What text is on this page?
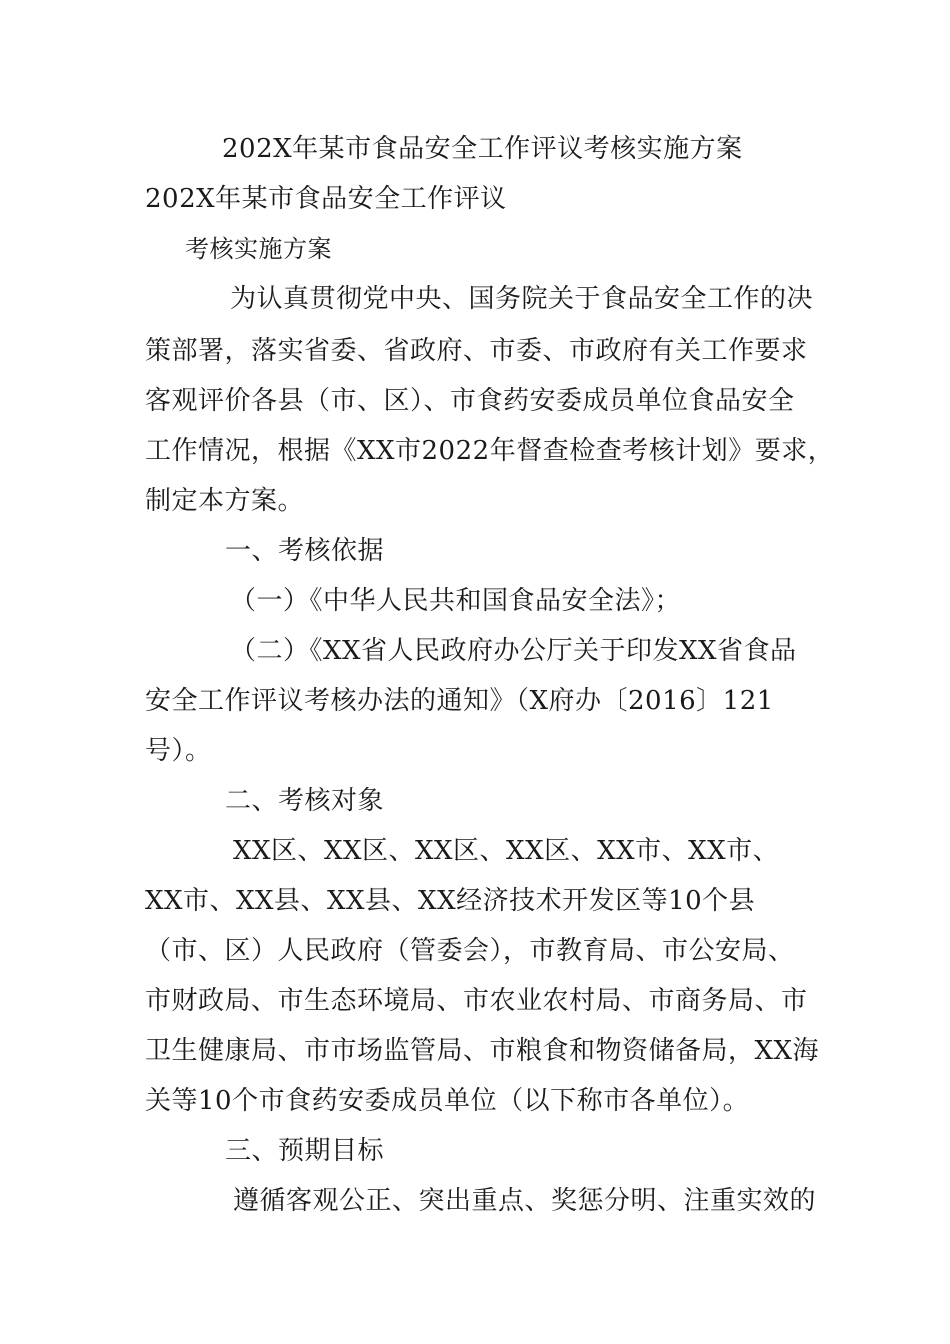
202X年某市食品安全工作评议考核实施方案
202X年某市食品安全工作评议
考核实施方案
为认真贯彻党中央、国务院关于食品安全工作的决
策部署，落实省委、省政府、市委、市政府有关工作要求
客观评价各县（市、区）、市食药安委成员单位食品安全
工作情况，根据《XX市2022年督查检查考核计划》要求，
制定本方案。
一、考核依据
（一）《中华人民共和国食品安全法》；
（二）《XX省人民政府办公厅关于印发XX省食品
安全工作评议考核办法的通知》（X府办〔2016〕121
号）。
二、考核对象
XX区、XX区、XX区、XX区、XX市、XX市、
XX市、XX县、XX县、XX经济技术开发区等10个县
（市、区）人民政府（管委会），市教育局、市公安局、
市财政局、市生态环境局、市农业农村局、市商务局、市
卫生健康局、市市场监管局、市粮食和物资储备局，XX海
关等10个市食药安委成员单位（以下称市各单位）。
三、预期目标
遵循客观公正、突出重点、奖惩分明、注重实效的
